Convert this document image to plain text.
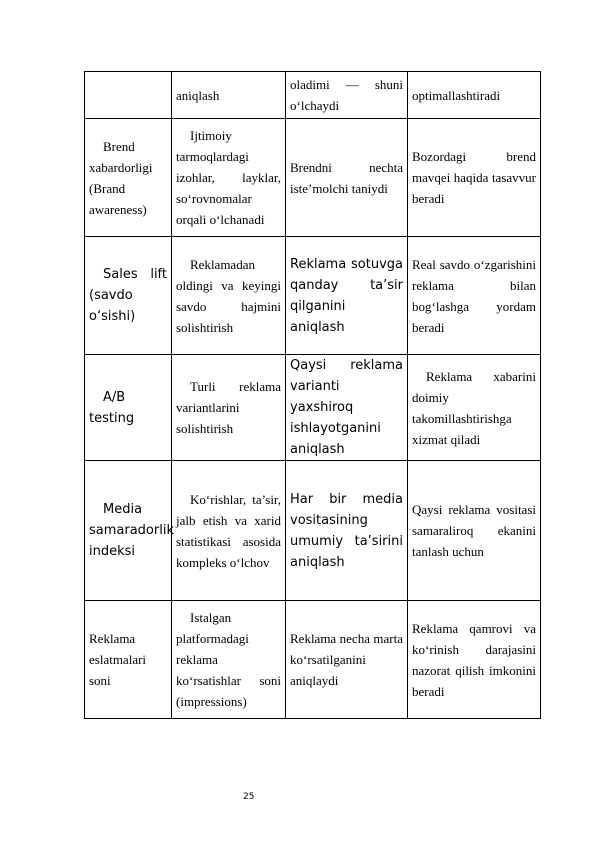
	aniqlash	oladimi — shuni o‘lchaydi	optimallashtiradi
Brend xabardorligi (Brand awareness)	Ijtimoiy tarmoqlardagi izohlar, layklar, so‘rovnomalar orqali o‘lchanadi	Brendni nechta iste’molchi taniydi	Bozordagi brend mavqei haqida tasavvur beradi
Sales lift (savdo o‘sishi)	Reklamadan oldingi va keyingi savdo hajmini solishtirish	Reklama sotuvga qanday ta’sir qilganini aniqlash	Real savdo o‘zgarishini reklama bilan bog‘lashga yordam beradi
A/B testing	Turli reklama variantlarini solishtirish	Qaysi reklama varianti yaxshiroq ishlayotganini aniqlash	Reklama xabarini doimiy takomillashtirishga xizmat qiladi
Media samaradorlik indeksi	Ko‘rishlar, ta’sir, jalb etish va xarid statistikasi asosida kompleks o‘lchov	Har bir media vositasining umumiy ta’sirini aniqlash	Qaysi reklama vositasi samaraliroq ekanini tanlash uchun
Reklama eslatmalari soni	Istalgan platformadagi reklama ko‘rsatishlar soni (impressions)	Reklama necha marta ko‘rsatilganini aniqlaydi	Reklama qamrovi va ko‘rinish darajasini nazorat qilish imkonini beradi
25
